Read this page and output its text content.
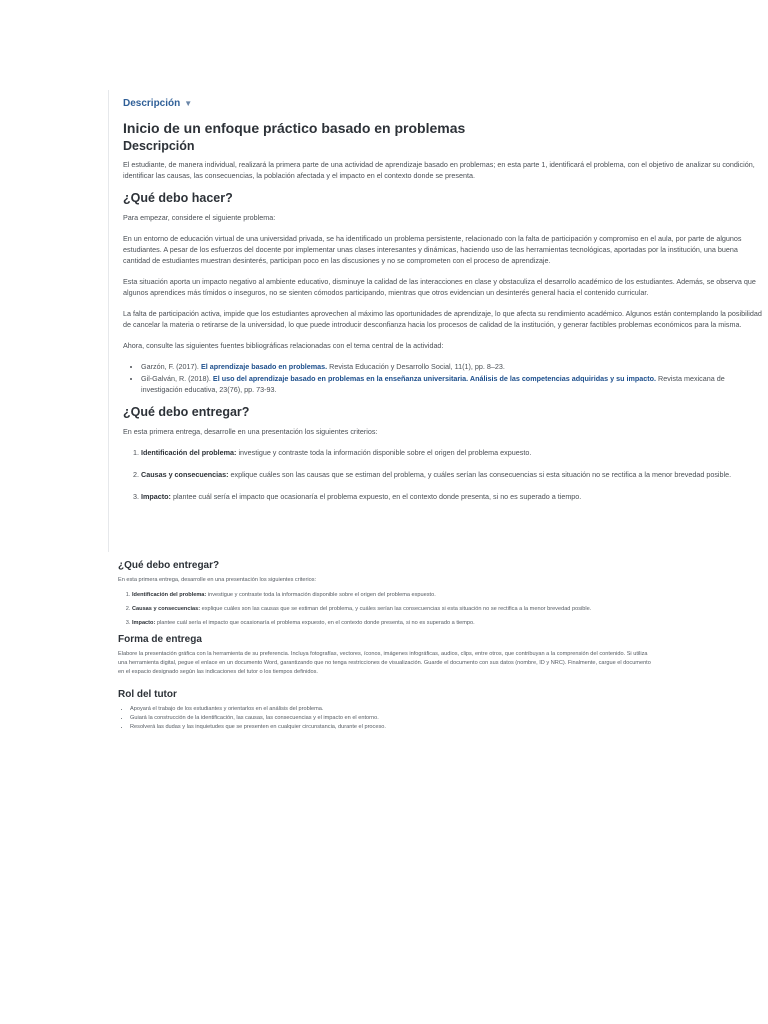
Descripción ▼
Inicio de un enfoque práctico basado en problemas
Descripción

El estudiante, de manera individual, realizará la primera parte de una actividad de aprendizaje basado en problemas; en esta parte 1, identificará el problema, con el objetivo de analizar su condición, identificar las causas, las consecuencias, la población afectada y el impacto en el contexto donde se presenta.

¿Qué debo hacer?

Para empezar, considere el siguiente problema:

En un entorno de educación virtual de una universidad privada, se ha identificado un problema persistente, relacionado con la falta de participación y compromiso en el aula, por parte de algunos estudiantes. A pesar de los esfuerzos del docente por implementar unas clases interesantes y dinámicas, haciendo uso de las herramientas tecnológicas, aportadas por la institución, una buena cantidad de estudiantes muestran desinterés, participan poco en las discusiones y no se comprometen con el proceso de aprendizaje.

Esta situación aporta un impacto negativo al ambiente educativo, disminuye la calidad de las interacciones en clase y obstaculiza el desarrollo académico de los estudiantes. Además, se observa que algunos aprendices más tímidos o inseguros, no se sienten cómodos participando, mientras que otros evidencian un desinterés general hacia el contenido curricular.

La falta de participación activa, impide que los estudiantes aprovechen al máximo las oportunidades de aprendizaje, lo que afecta su rendimiento académico. Algunos están contemplando la posibilidad de cancelar la materia o retirarse de la universidad, lo que puede introducir desconfianza hacia los procesos de calidad de la institución, y generar factibles problemas económicos para la misma.

Ahora, consulte las siguientes fuentes bibliográficas relacionadas con el tema central de la actividad:

• Garzón, F. (2017). El aprendizaje basado en problemas. Revista Educación y Desarrollo Social, 11(1), pp. 8–23.
• Gil-Galván, R. (2018). El uso del aprendizaje basado en problemas en la enseñanza universitaria. Análisis de las competencias adquiridas y su impacto. Revista mexicana de investigación educativa, 23(76), pp. 73-93.
¿Qué debo entregar?

En esta primera entrega, desarrolle en una presentación los siguientes criterios:

1. Identificación del problema: investigue y contraste toda la información disponible sobre el origen del problema expuesto.
2. Causas y consecuencias: explique cuáles son las causas que se estiman del problema, y cuáles serían las consecuencias si esta situación no se rectifica a la menor brevedad posible.
3. Impacto: plantee cuál sería el impacto que ocasionaría el problema expuesto, en el contexto donde presenta, si no es superado a tiempo.
¿Qué debo entregar?

En esta primera entrega, desarrolle en una presentación los siguientes criterios:

1. Identificación del problema: investigue y contraste toda la información disponible sobre el origen del problema expuesto.
2. Causas y consecuencias: explique cuáles son las causas que se estiman del problema, y cuáles serían las consecuencias si esta situación no se rectifica a la menor brevedad posible.
3. Impacto: plantee cuál sería el impacto que ocasionaría el problema expuesto, en el contexto donde presenta, si no es superado a tiempo.
Forma de entrega

Elabore la presentación gráfica con la herramienta de su preferencia. Incluya fotografías, vectores, íconos, imágenes infográficas, audios, clips, entre otros, que contribuyan a la comprensión del contenido. Si utiliza una herramienta digital, pegue el enlace en un documento Word, garantizando que no tenga restricciones de visualización. Guarde el documento con sus datos (nombre, ID y NRC). Finalmente, cargue el documento en el espacio designado según las indicaciones del tutor o los tiempos definidos.

Rol del tutor
• Apoyará el trabajo de los estudiantes y orientarlos en el análisis del problema.
• Guiará la construcción de la identificación, las causas, las consecuencias y el impacto en el entorno.
• Resolverá las dudas y las inquietudes que se presenten en cualquier circunstancia, durante el proceso.
